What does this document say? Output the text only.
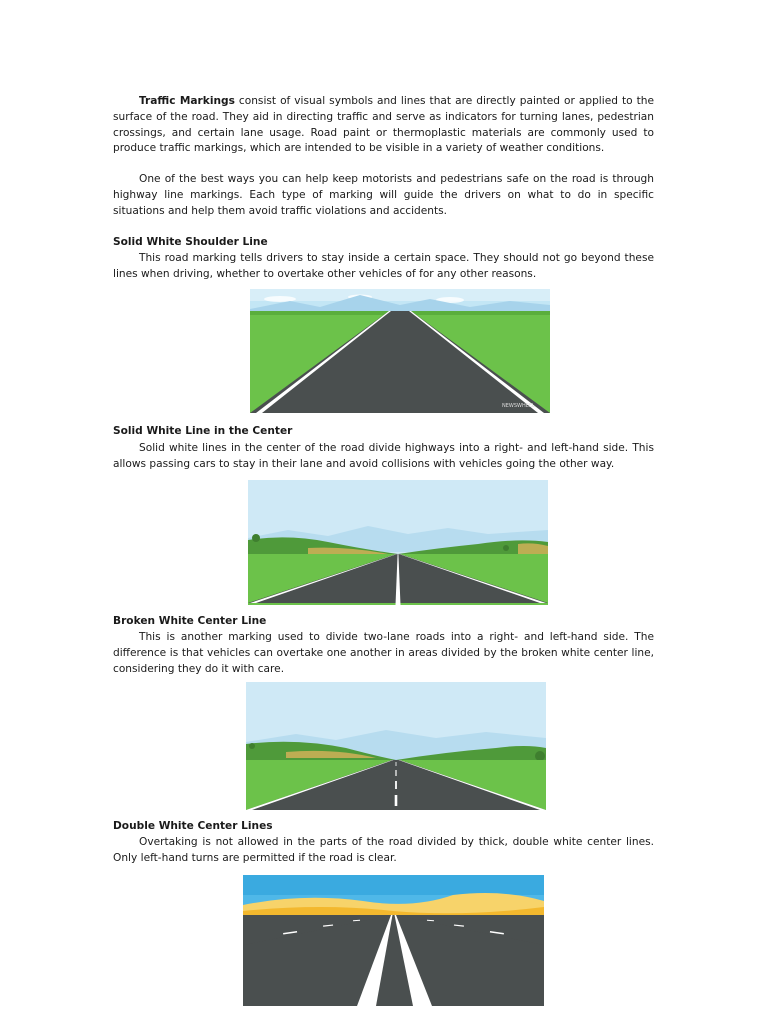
Traffic Markings consist of visual symbols and lines that are directly painted or applied to the surface of the road. They aid in directing traffic and serve as indicators for turning lanes, pedestrian crossings, and certain lane usage. Road paint or thermoplastic materials are commonly used to produce traffic markings, which are intended to be visible in a variety of weather conditions.

One of the best ways you can help keep motorists and pedestrians safe on the road is through highway line markings. Each type of marking will guide the drivers on what to do in specific situations and help them avoid traffic violations and accidents.

Solid White Shoulder Line

This road marking tells drivers to stay inside a certain space. They should not go beyond these lines when driving, whether to overtake other vehicles of for any other reasons.

NEWSWHEEL
Solid White Line in the Center

Solid white lines in the center of the road divide highways into a right- and left-hand side. This allows passing cars to stay in their lane and avoid collisions with vehicles going the other way.

Broken White Center Line

This is another marking used to divide two-lane roads into a right- and left-hand side. The difference is that vehicles can overtake one another in areas divided by the broken white center line, considering they do it with care.

Double White Center Lines

Overtaking is not allowed in the parts of the road divided by thick, double white center lines. Only left-hand turns are permitted if the road is clear.
